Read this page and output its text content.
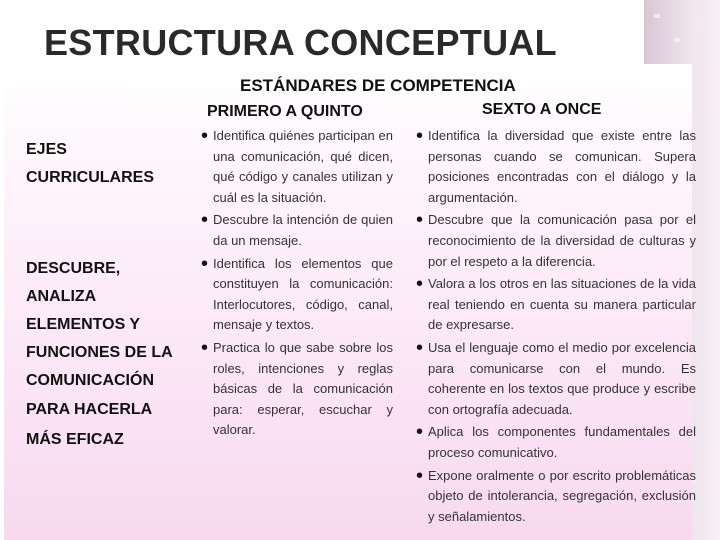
ESTRUCTURA CONCEPTUAL
ESTÁNDARES DE COMPETENCIA
PRIMERO A QUINTO	SEXTO A ONCE
EJES
CURRICULARES
DESCUBRE,
ANALIZA
ELEMENTOS Y
FUNCIONES DE LA
COMUNICACIÓN
PARA HACERLA
MÁS EFICAZ
• Identifica quiénes participan en una comunicación, qué dicen, qué código y canales utilizan y cuál es la situación.
• Descubre la intención de quien da un mensaje.
• Identifica los elementos que constituyen la comunicación: Interlocutores, código, canal, mensaje y textos.
• Practica lo que sabe sobre los roles, intenciones y reglas básicas de la comunicación para: esperar, escuchar y valorar.
• Identifica la diversidad que existe entre las personas cuando se comunican. Supera posiciones encontradas con el diálogo y la argumentación.
• Descubre que la comunicación pasa por el reconocimiento de la diversidad de culturas y por el respeto a la diferencia.
• Valora a los otros en las situaciones de la vida real teniendo en cuenta su manera particular de expresarse.
• Usa el lenguaje como el medio por excelencia para comunicarse con el mundo. Es coherente en los textos que produce y escribe con ortografía adecuada.
• Aplica los componentes fundamentales del proceso comunicativo.
• Expone oralmente o por escrito problemáticas objeto de intolerancia, segregación, exclusión y señalamientos.
